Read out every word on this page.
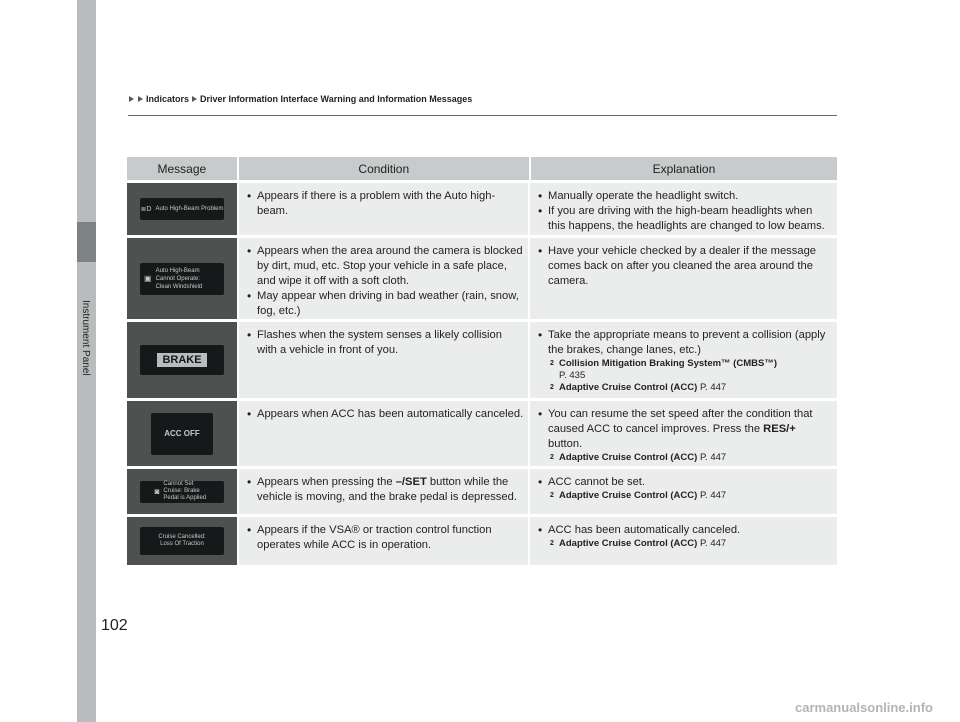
Instrument Panel
Indicators Driver Information Interface Warning and Information Messages
Message	Condition	Explanation
≣D Auto High-Beam Problem
• Appears if there is a problem with the Auto high-beam.
• Manually operate the headlight switch.
• If you are driving with the high-beam headlights when this happens, the headlights are changed to low beams.
▣
Auto High-Beam Cannot Operate: Clean Windshield
• Appears when the area around the camera is blocked by dirt, mud, etc. Stop your vehicle in a safe place, and wipe it off with a soft cloth.
• May appear when driving in bad weather (rain, snow, fog, etc.)
• Have your vehicle checked by a dealer if the message comes back on after you cleaned the area around the camera.
BRAKE
• Flashes when the system senses a likely collision with a vehicle in front of you.
• Take the appropriate means to prevent a collision (apply the brakes, change lanes, etc.)
2 Collision Mitigation Braking System™ (CMBS™)
P. 435
2 Adaptive Cruise Control (ACC) P. 447
ACC OFF
• Appears when ACC has been automatically canceled. • You can resume the set speed after the condition that caused ACC to cancel improves. Press the RES/+ button.
2 Adaptive Cruise Control (ACC) P. 447
◙
Cannot Set Cruise: Brake Pedal is Applied
• Appears when pressing the –/SET button while the vehicle is moving, and the brake pedal is depressed.
• ACC cannot be set.
2 Adaptive Cruise Control (ACC) P. 447
Cruise Cancelled: Loss Of Traction
• Appears if the VSA® or traction control function operates while ACC is in operation.
• ACC has been automatically canceled.
2 Adaptive Cruise Control (ACC) P. 447
102
carmanualsonline.info
